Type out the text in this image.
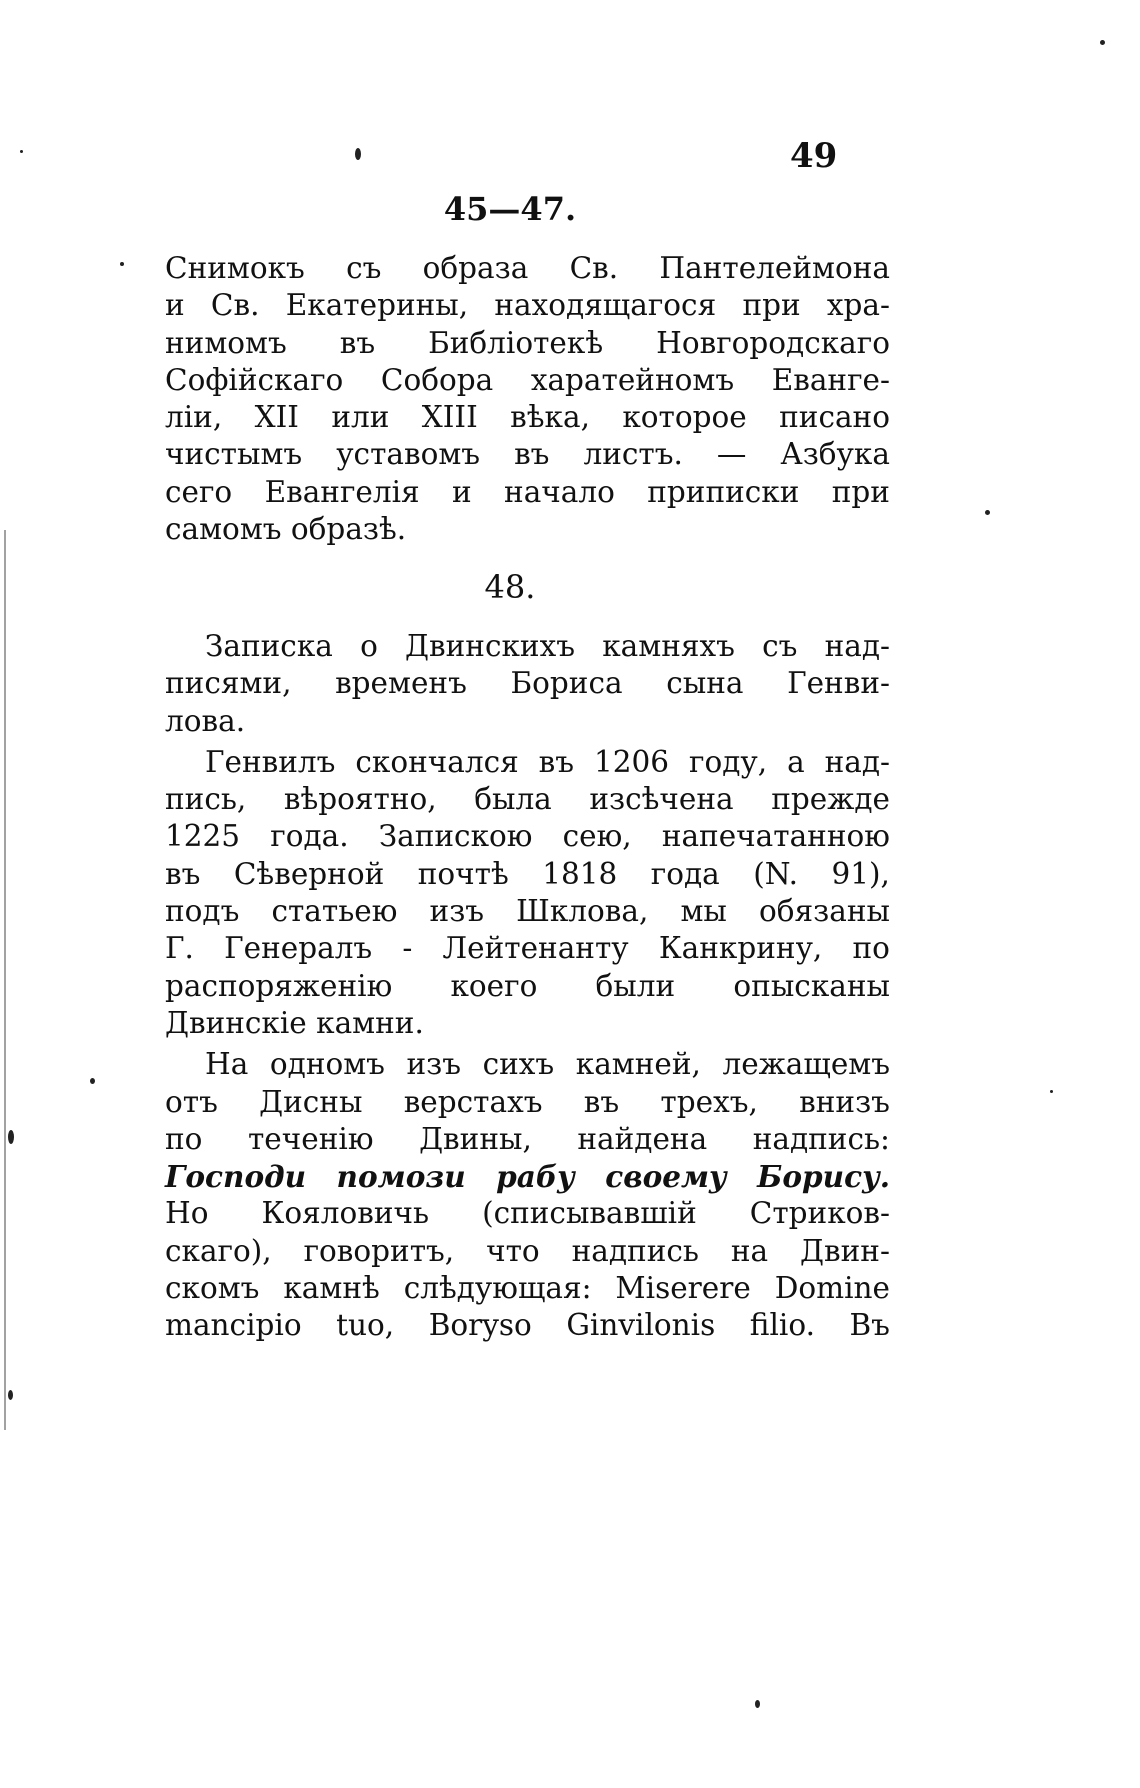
49
45—47.
Снимокъ съ образа Св. Пантелеймона
и Св. Екатерины, находящагося при хра-
нимомъ въ Библіотекѣ Новгородскаго
Софійскаго Собора харатейномъ Еванге-
ліи, XII или XIII вѣка, которое писано
чистымъ уставомъ въ листъ. — Азбука
сего Евангелія и начало приписки при
самомъ образѣ.
48.
Записка о Двинскихъ камняхъ съ над-
писями, временъ Бориса сына Генви-
лова.
Генвилъ скончался въ 1206 году, а над-
пись, вѣроятно, была изсѣчена прежде
1225 года. Запискою сею, напечатанною
въ Сѣверной почтѣ 1818 года (N. 91),
подъ статьею изъ Шклова, мы обязаны
Г. Генералъ - Лейтенанту Канкрину, по
распоряженію коего были опысканы
Двинскіе камни.
На одномъ изъ сихъ камней, лежащемъ
отъ Дисны верстахъ въ трехъ, внизъ
по теченію Двины, найдена надпись:
Господи помози рабу своему Борису.
Но Кояловичь (списывавшій Стриков-
скаго), говоритъ, что надпись на Двин-
скомъ камнѣ слѣдующая: Miserere Domine
mancipio tuo, Boryso Ginvilonis filio. Въ
